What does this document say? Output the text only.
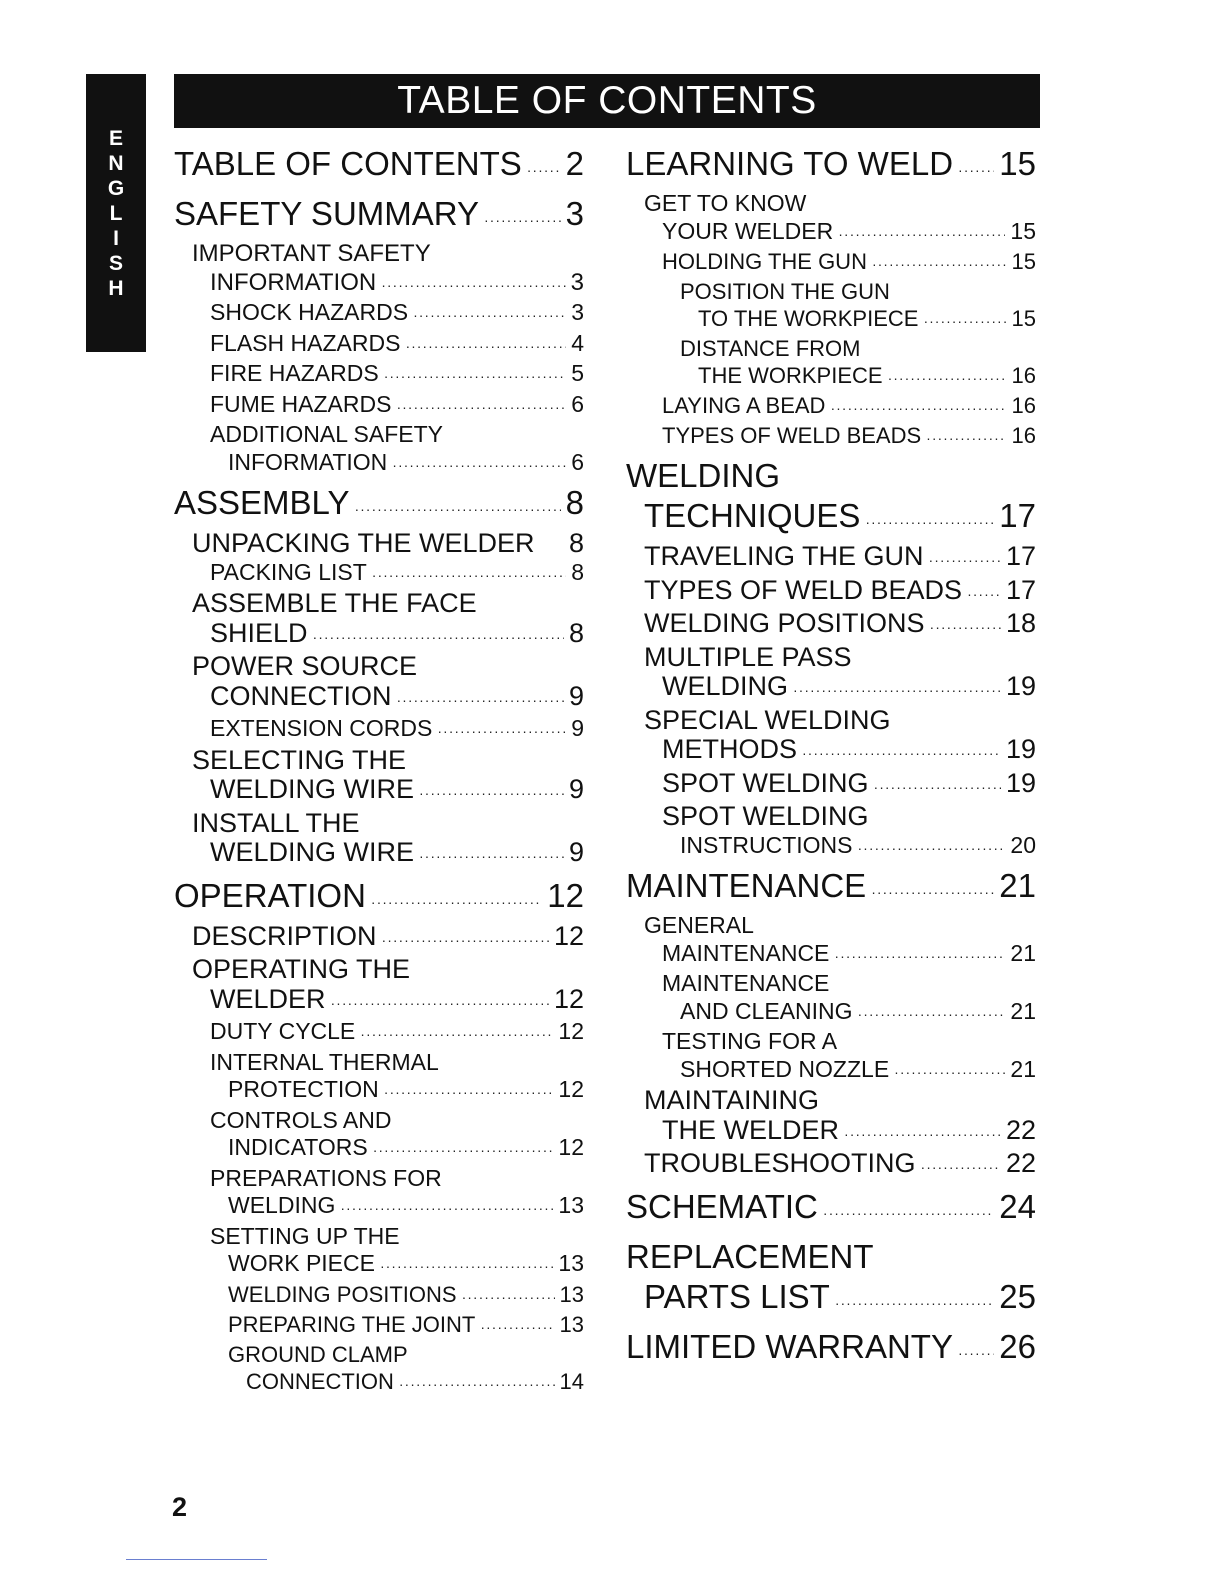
E
N
G
L
I
S
H
TABLE OF CONTENTS
TABLE OF CONTENTS ····· 2
SAFETY SUMMARY ·····	3
IMPORTANT SAFETY
INFORMATION ·····	3
SHOCK HAZARDS ·····	3
FLASH HAZARDS ·····	4
FIRE HAZARDS ·····	5
FUME HAZARDS ·····	6
ADDITIONAL SAFETY
INFORMATION ·····	6
ASSEMBLY ·····	8
UNPACKING THE WELDER 8
PACKING LIST ·····	8
ASSEMBLE THE FACE
SHIELD ·····	8
POWER SOURCE
CONNECTION ·····	9
EXTENSION CORDS ·····	9
SELECTING THE
WELDING WIRE ·····	9
INSTALL THE
WELDING WIRE ·····	9
OPERATION ·····	12
DESCRIPTION ·····	12
OPERATING THE
WELDER ·····	12
DUTY CYCLE ·····	12
INTERNAL THERMAL
PROTECTION ·····	12
CONTROLS AND
INDICATORS ·····	12
PREPARATIONS FOR
WELDING ·····	13
SETTING UP THE
WORK PIECE ·····	13
WELDING POSITIONS ·····	13
PREPARING THE JOINT ·····	13
GROUND CLAMP
CONNECTION ·····	14
LEARNING TO WELD ····· 15
GET TO KNOW
YOUR WELDER ·····	15
HOLDING THE GUN ·····	15
POSITION THE GUN
TO THE WORKPIECE ·····	15
DISTANCE FROM
THE WORKPIECE ·····	16
LAYING A BEAD ·····	16
TYPES OF WELD BEADS ·····	16
WELDING
TECHNIQUES ·····	17
TRAVELING THE GUN ·····	17
TYPES OF WELD BEADS ····· 17
WELDING POSITIONS ·····	18
MULTIPLE PASS
WELDING ·····	19
SPECIAL WELDING
METHODS ·····	19
SPOT WELDING ·····	19
SPOT WELDING
INSTRUCTIONS ·····	20
MAINTENANCE ·····	21
GENERAL
MAINTENANCE ·····	21
MAINTENANCE
AND CLEANING ·····	21
TESTING FOR A
SHORTED NOZZLE ·····	21
MAINTAINING
THE WELDER ·····	22
TROUBLESHOOTING ·····	22
SCHEMATIC ·····	24
REPLACEMENT
PARTS LIST ·····	25
LIMITED WARRANTY ····· 26
2
